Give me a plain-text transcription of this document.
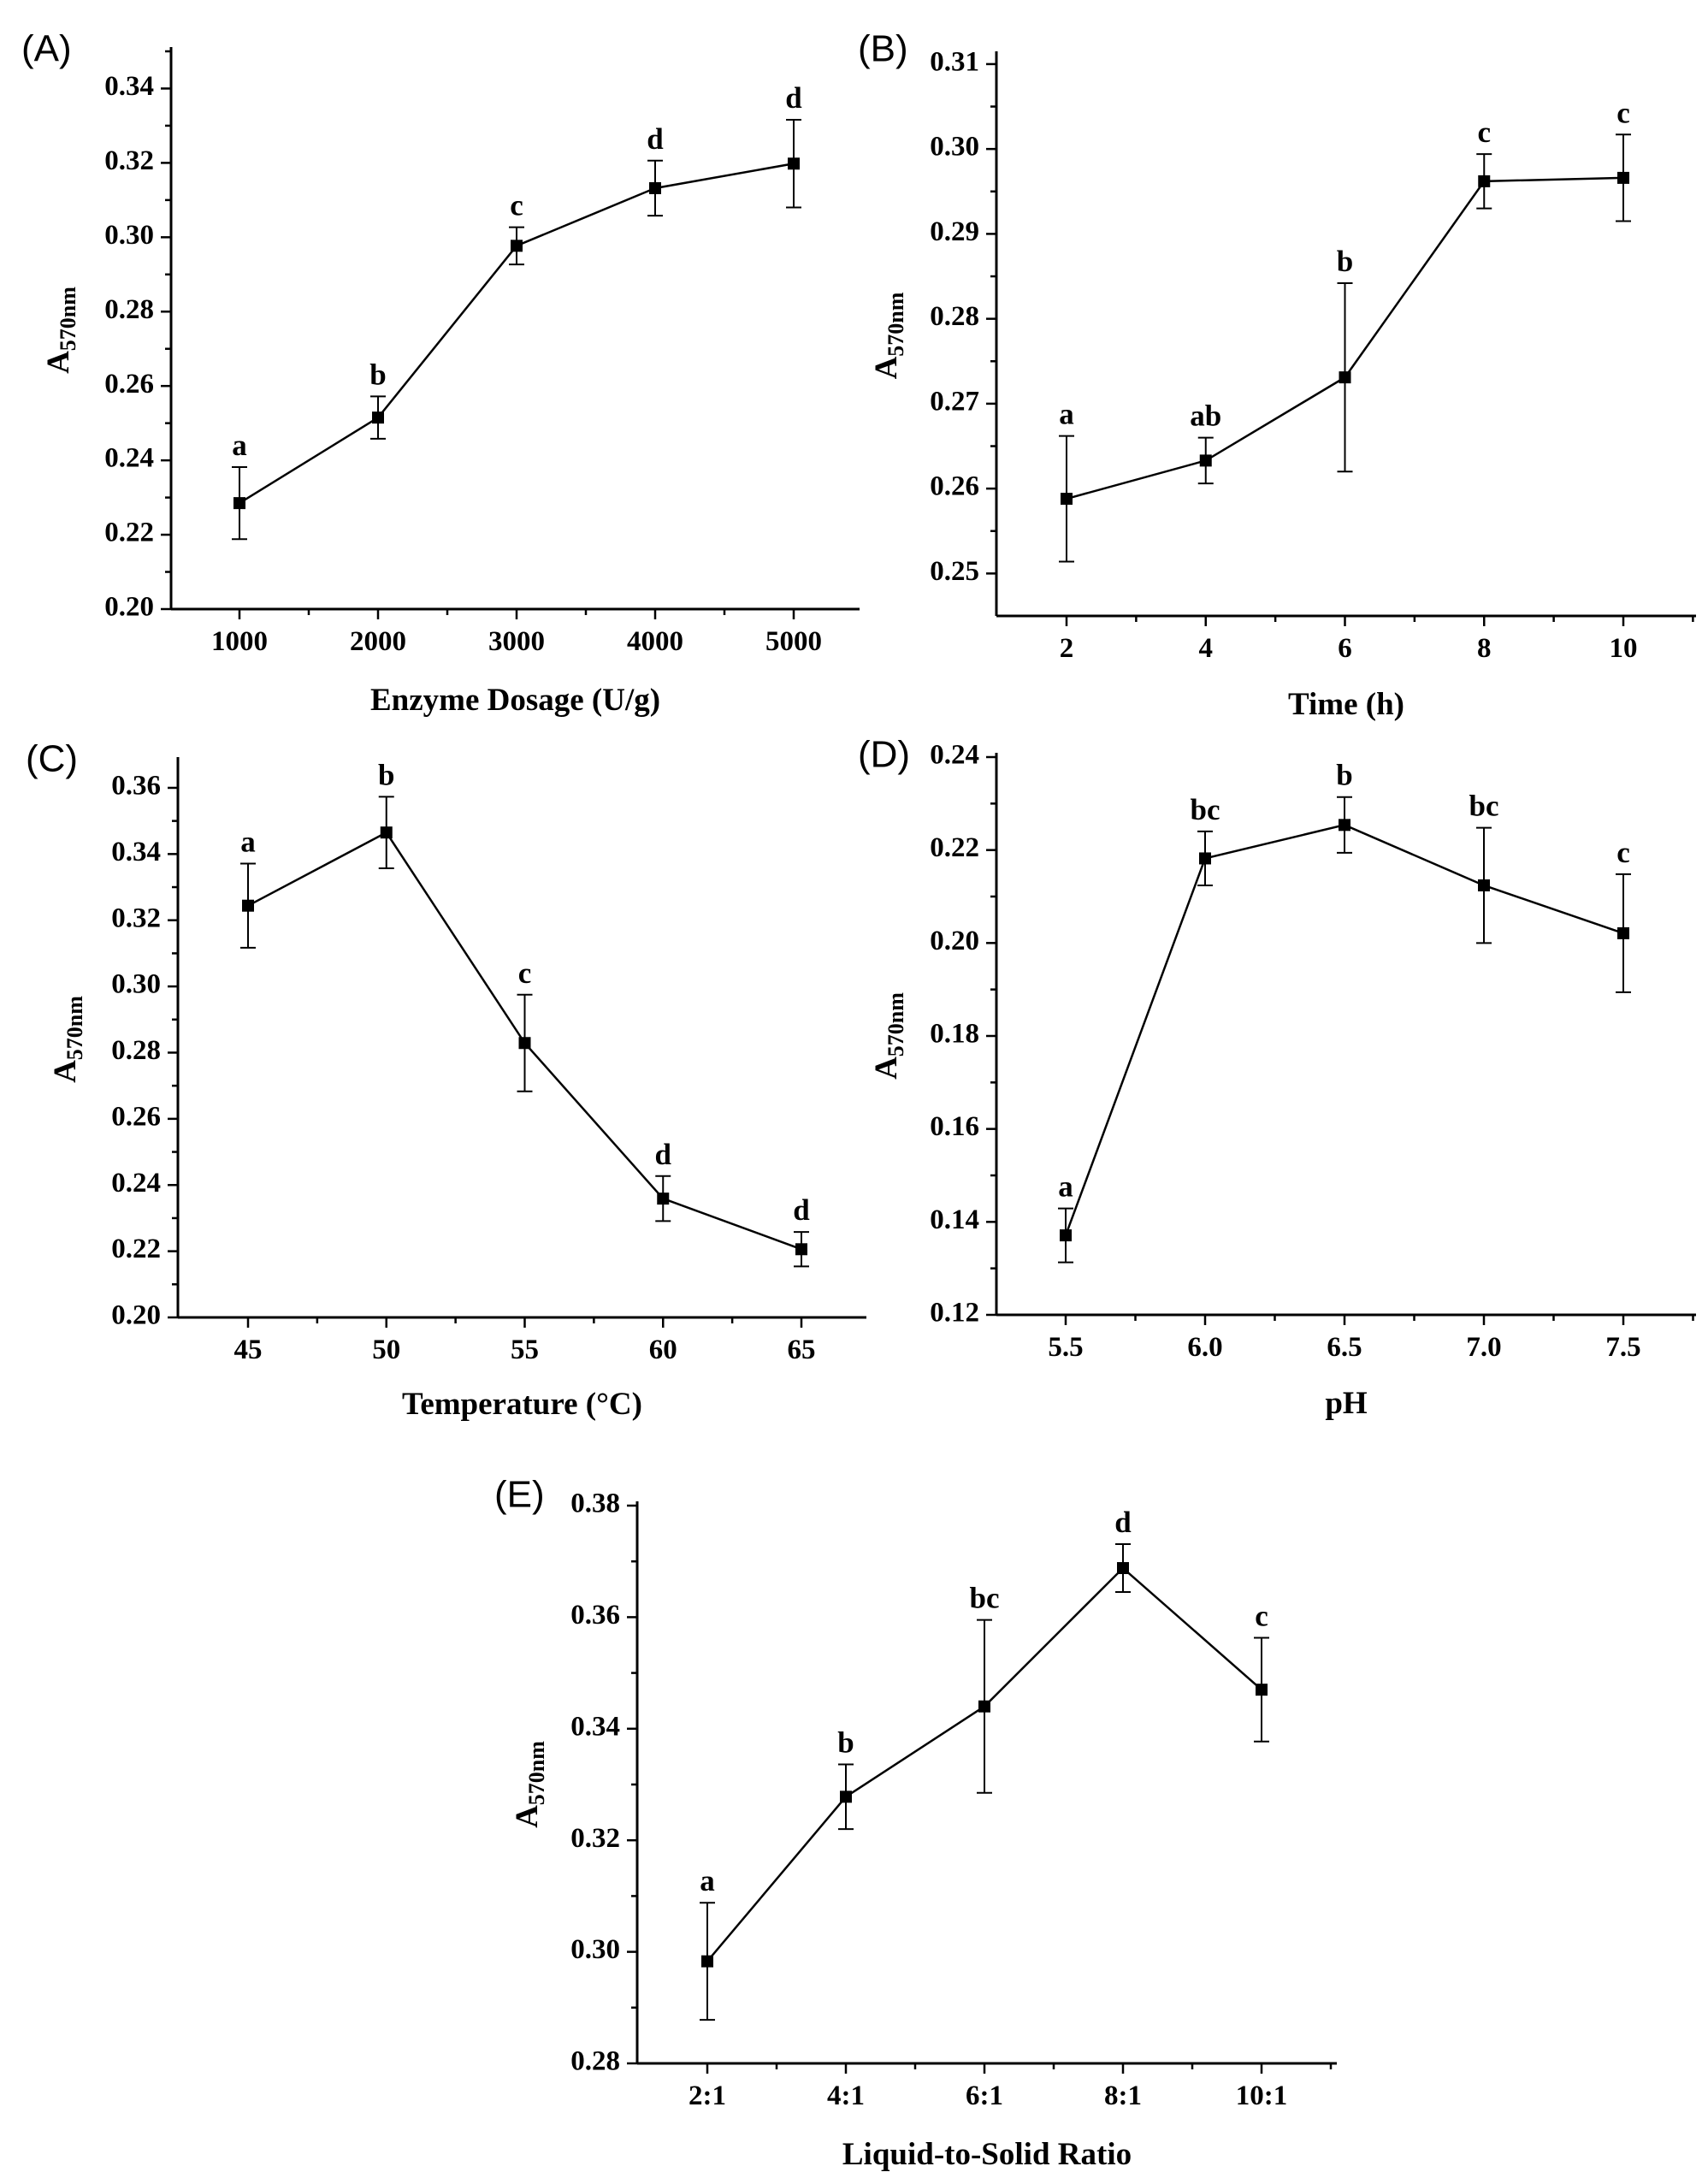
(A)
0.20
0.22
0.24
0.26
0.28
0.30
0.32
0.34
1000	2000	3000	4000	5000
Enzyme Dosage (U/g)
$A_{570nm}$
a
b
c
d
d
(B)
0.25
0.26
0.27
0.28
0.29
0.30
0.31
2	4	6	8	10
Time (h)
$A_{570nm}$
a	ab
b
c
c
(C)
0.20
0.22
0.24
0.26
0.28
0.30
0.32
0.34
0.36
45	50	55	60	65
Temperature (°C)
$A_{570nm}$
a
b
c
d
d
(D)
0.12
0.14
0.16
0.18
0.20
0.22
0.24
5.5	6.0	6.5	7.0	7.5
pH
$A_{570nm}$
a
bc
b
bc
c
(E)
0.28
0.30
0.32
0.34
0.36
0.38
2:1	4:1	6:1	8:1	10:1
Liquid-to-Solid Ratio
$A_{570nm}$
a
b
bc
d
c
